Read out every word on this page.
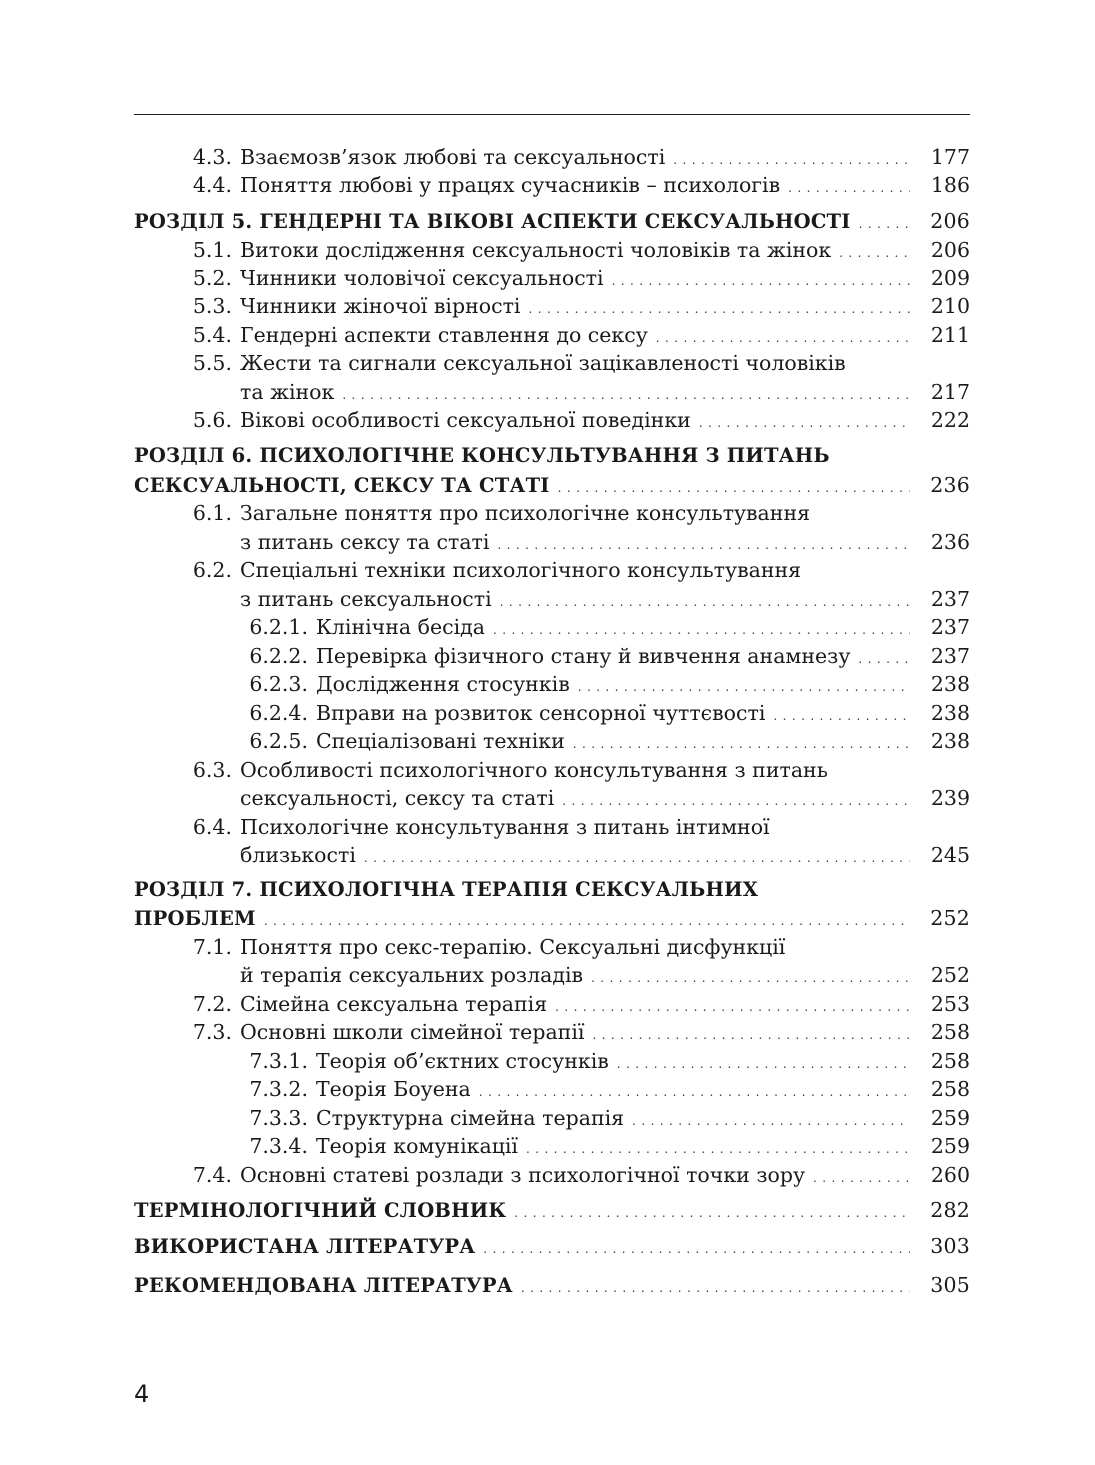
4.3. Взаємозв’язок любові та сексуальності . . .	177
4.4. Поняття любові у працях сучасників – психологів . . .	186
РОЗДІЛ 5. ГЕНДЕРНІ ТА ВІКОВІ АСПЕКТИ СЕКСУАЛЬНОСТІ . . .	206
5.1. Витоки дослідження сексуальності чоловіків та жінок . . .	206
5.2. Чинники чоловічої сексуальності . . .	209
5.3. Чинники жіночої вірності . . .	210
5.4. Гендерні аспекти ставлення до сексу . . .	211
5.5. Жести та сигнали сексуальної зацікавленості чоловіків
та жінок . . .	217
5.6. Вікові особливості сексуальної поведінки . . .	222
РОЗДІЛ 6. ПСИХОЛОГІЧНЕ КОНСУЛЬТУВАННЯ З ПИТАНЬ
СЕКСУАЛЬНОСТІ, СЕКСУ ТА СТАТІ . . .	236
6.1. Загальне поняття про психологічне консультування
з питань сексу та статі . . .	236
6.2. Спеціальні техніки психологічного консультування
з питань сексуальності . . .	237
6.2.1. Клінічна бесіда . . .	237
6.2.2. Перевірка фізичного стану й вивчення анамнезу . . .	237
6.2.3. Дослідження стосунків . . .	238
6.2.4. Вправи на розвиток сенсорної чуттєвості . . .	238
6.2.5. Спеціалізовані техніки . . .	238
6.3. Особливості психологічного консультування з питань
сексуальності, сексу та статі . . .	239
6.4. Психологічне консультування з питань інтимної
близькості . . .	245
РОЗДІЛ 7. ПСИХОЛОГІЧНА ТЕРАПІЯ СЕКСУАЛЬНИХ
ПРОБЛЕМ . . .	252
7.1. Поняття про секс-терапію. Сексуальні дисфункції
й терапія сексуальних розладів . . .	252
7.2. Сімейна сексуальна терапія . . .	253
7.3. Основні школи сімейної терапії . . .	258
7.3.1. Теорія об’єктних стосунків . . .	258
7.3.2. Теорія Боуена . . .	258
7.3.3. Структурна сімейна терапія . . .	259
7.3.4. Теорія комунікації . . .	259
7.4. Основні статеві розлади з психологічної точки зору . . .	260
ТЕРМІНОЛОГІЧНИЙ СЛОВНИК . . .	282
ВИКОРИСТАНА ЛІТЕРАТУРА . . .	303
РЕКОМЕНДОВАНА ЛІТЕРАТУРА . . .	305
4
